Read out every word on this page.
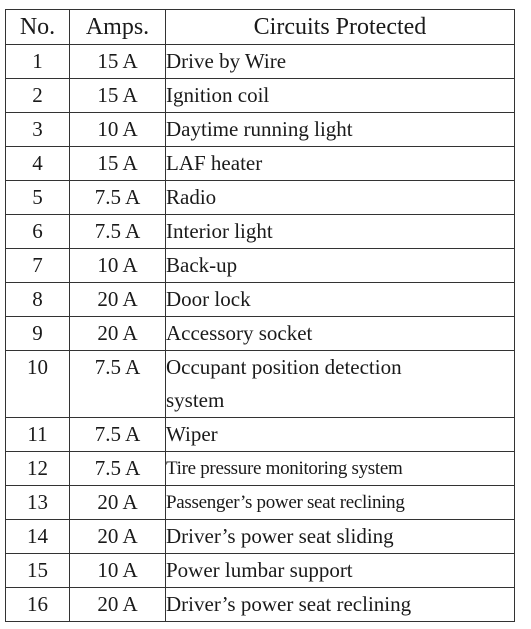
No.	Amps.	Circuits Protected
1	15 A	Drive by Wire
2	15 A	Ignition coil
3	10 A	Daytime running light
4	15 A	LAF heater
5	7.5 A	Radio
6	7.5 A	Interior light
7	10 A	Back-up
8	20 A	Door lock
9	20 A	Accessory socket
10	7.5 A	Occupant position detection
system
11	7.5 A	Wiper
12	7.5 A	Tire pressure monitoring system
13	20 A	Passenger’s power seat reclining
14	20 A	Driver’s power seat sliding
15	10 A	Power lumbar support
16	20 A	Driver’s power seat reclining
